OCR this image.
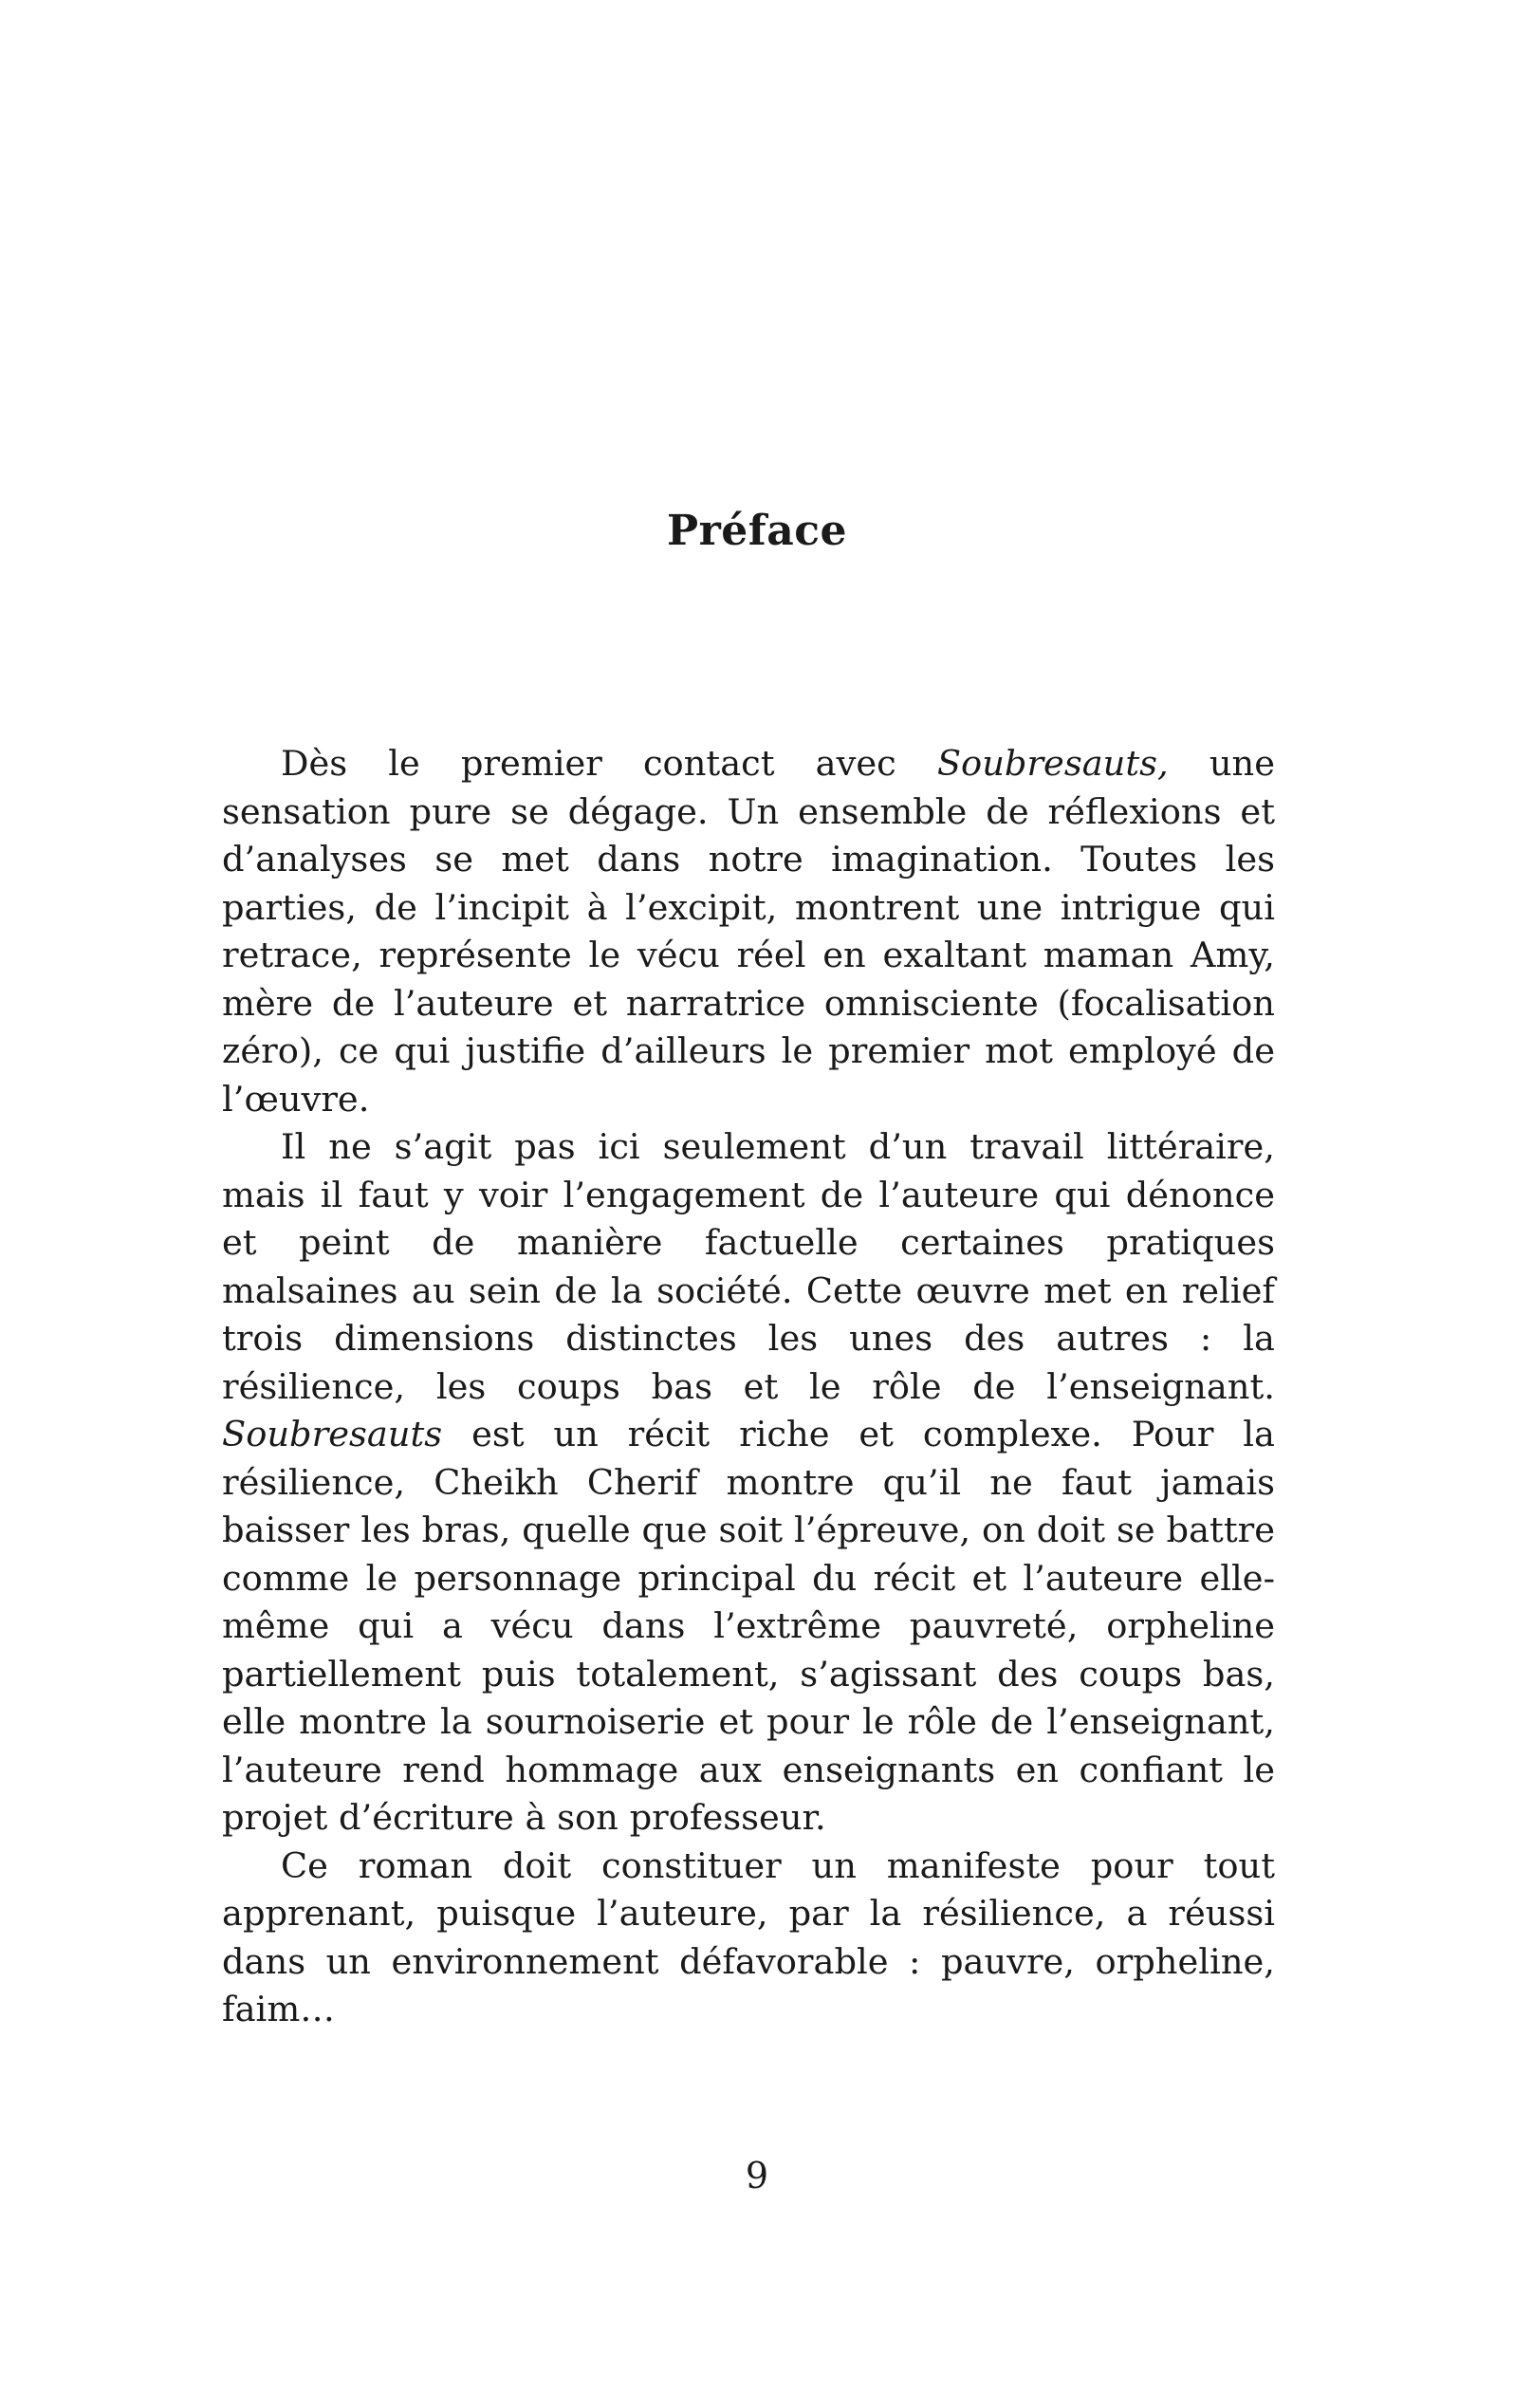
Préface

Dès le premier contact avec Soubresauts, une sensation pure se dégage. Un ensemble de réflexions et d’analyses se met dans notre imagination. Toutes les parties, de l’incipit à l’excipit, montrent une intrigue qui retrace, représente le vécu réel en exaltant maman Amy, mère de l’auteure et narratrice omnisciente (focalisation zéro), ce qui justifie d’ailleurs le premier mot employé de l’œuvre.

Il ne s’agit pas ici seulement d’un travail littéraire, mais il faut y voir l’engagement de l’auteure qui dénonce et peint de manière factuelle certaines pratiques malsaines au sein de la société. Cette œuvre met en relief trois dimensions distinctes les unes des autres : la résilience, les coups bas et le rôle de l’enseignant. Soubresauts est un récit riche et complexe. Pour la résilience, Cheikh Cherif montre qu’il ne faut jamais baisser les bras, quelle que soit l’épreuve, on doit se battre comme le personnage principal du récit et l’auteure elle-même qui a vécu dans l’extrême pauvreté, orpheline partiellement puis totalement, s’agissant des coups bas, elle montre la sournoiserie et pour le rôle de l’enseignant, l’auteure rend hommage aux enseignants en confiant le projet d’écriture à son professeur.

Ce roman doit constituer un manifeste pour tout apprenant, puisque l’auteure, par la résilience, a réussi dans un environnement défavorable : pauvre, orpheline, faim…

9
